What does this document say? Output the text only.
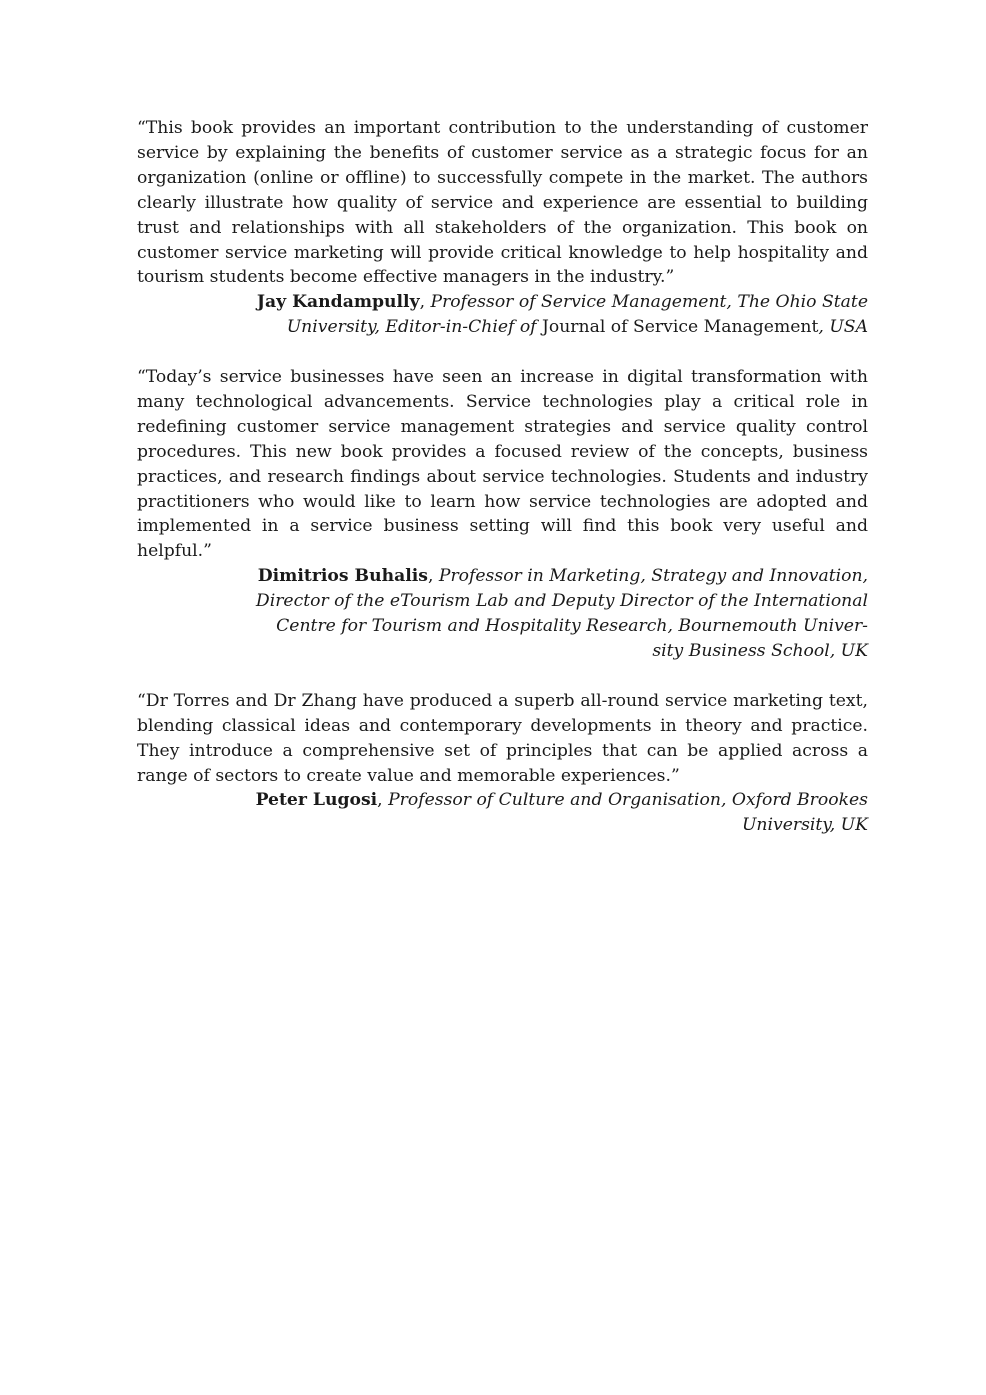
“This book provides an important contribution to the understanding of customer service by explaining the benefits of customer service as a strategic focus for an organization (online or offline) to successfully compete in the market. The authors clearly illustrate how quality of service and experience are essential to building trust and relationships with all stakeholders of the organization. This book on customer service marketing will provide critical knowledge to help hospitality and tourism students become effective managers in the industry.”

Jay Kandampully, Professor of Service Management, The Ohio State
University, Editor-in-Chief of Journal of Service Management, USA

“Today’s service businesses have seen an increase in digital transformation with many technological advancements. Service technologies play a critical role in redefining customer service management strategies and service quality control procedures. This new book provides a focused review of the concepts, business practices, and research findings about service technologies. Students and industry practitioners who would like to learn how service technologies are adopted and implemented in a service business setting will find this book very useful and helpful.”

Dimitrios Buhalis, Professor in Marketing, Strategy and Innovation,
Director of the eTourism Lab and Deputy Director of the International
Centre for Tourism and Hospitality Research, Bournemouth Univer-
sity Business School, UK

“Dr Torres and Dr Zhang have produced a superb all-round service marketing text, blending classical ideas and contemporary developments in theory and practice. They introduce a comprehensive set of principles that can be applied across a range of sectors to create value and memorable experiences.”

Peter Lugosi, Professor of Culture and Organisation, Oxford Brookes
University, UK
